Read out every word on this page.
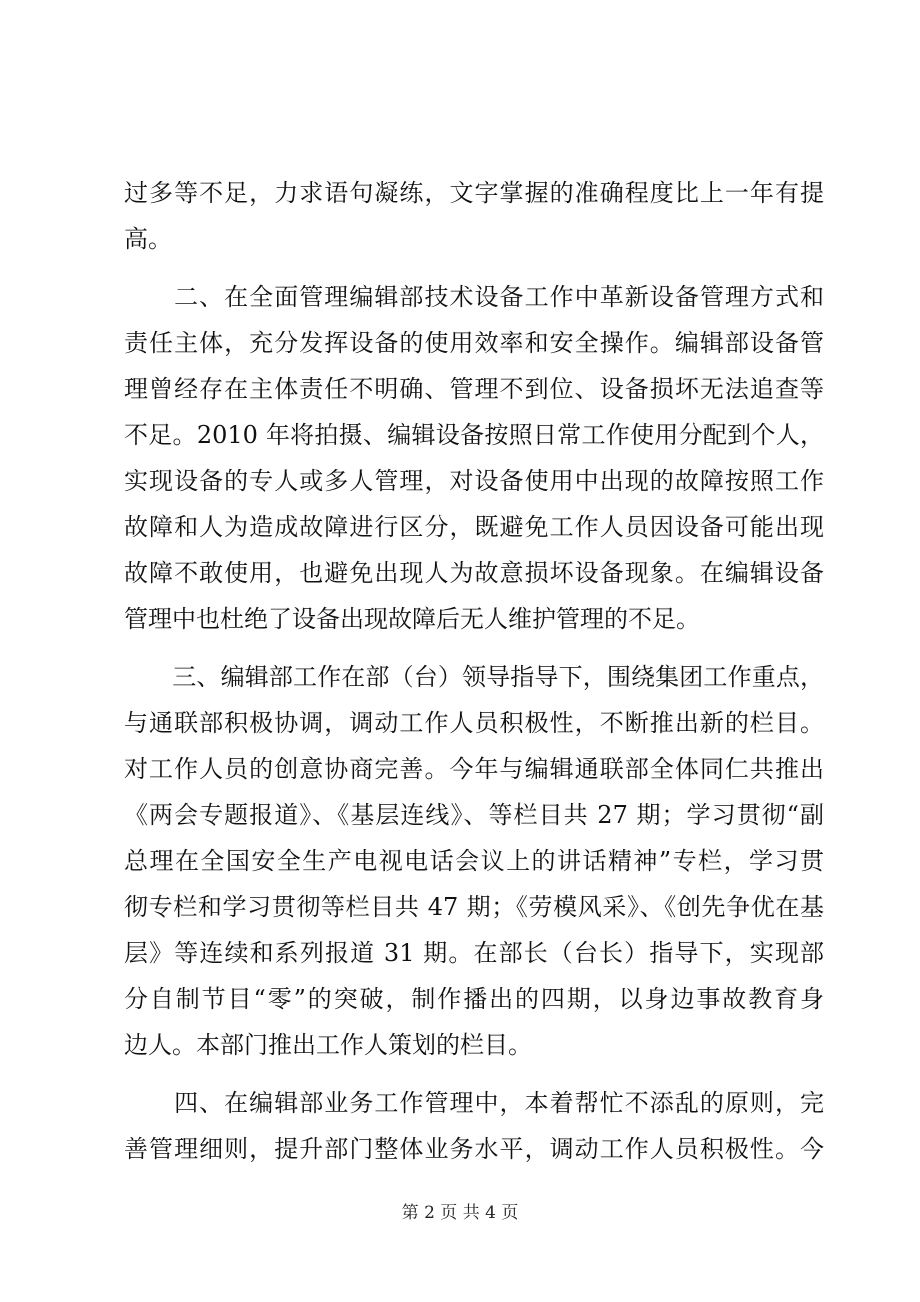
过多等不足，力求语句凝练，文字掌握的准确程度比上一年有提
高。
　　二、在全面管理编辑部技术设备工作中革新设备管理方式和
责任主体，充分发挥设备的使用效率和安全操作。编辑部设备管
理曾经存在主体责任不明确、管理不到位、设备损坏无法追查等
不足。2010 年将拍摄、编辑设备按照日常工作使用分配到个人，
实现设备的专人或多人管理，对设备使用中出现的故障按照工作
故障和人为造成故障进行区分，既避免工作人员因设备可能出现
故障不敢使用，也避免出现人为故意损坏设备现象。在编辑设备
管理中也杜绝了设备出现故障后无人维护管理的不足。
　　三、编辑部工作在部（台）领导指导下，围绕集团工作重点，
与通联部积极协调，调动工作人员积极性，不断推出新的栏目。
对工作人员的创意协商完善。今年与编辑通联部全体同仁共推出
《两会专题报道》、《基层连线》、等栏目共 27 期；学习贯彻“副
总理在全国安全生产电视电话会议上的讲话精神”专栏，学习贯
彻专栏和学习贯彻等栏目共 47 期；《劳模风采》、《创先争优在基
层》等连续和系列报道 31 期。在部长（台长）指导下，实现部
分自制节目“零”的突破，制作播出的四期，以身边事故教育身
边人。本部门推出工作人策划的栏目。
　　四、在编辑部业务工作管理中，本着帮忙不添乱的原则，完
善管理细则，提升部门整体业务水平，调动工作人员积极性。今
第 2 页 共 4 页
